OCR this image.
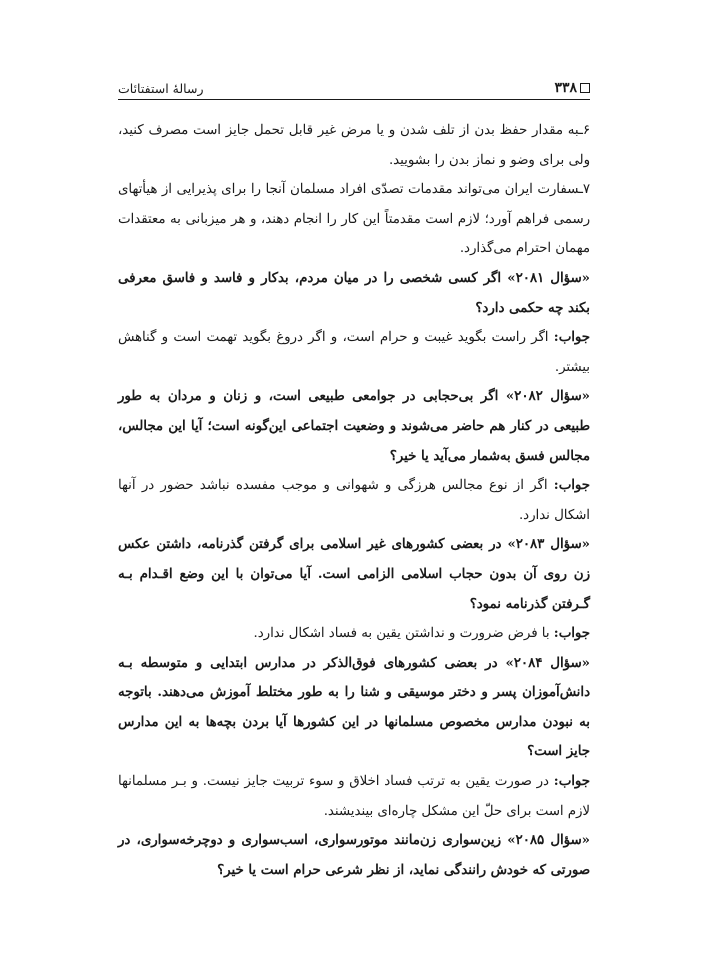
۳۳۸
رسالهٔ استفتائات

۶ـبه مقدار حفظ بدن از تلف شدن و یا مرض غیر قابل تحمل جایز است مصرف کنید، ولی برای وضو و نماز بدن را بشویید.

۷ـسفارت ایران می‌تواند مقدمات تصدّی افراد مسلمان آنجا را برای پذیرایی از هیأتهای رسمی فراهم آورد؛ لازم است مقدمتاً این کار را انجام دهند، و هر میزبانی به معتقدات مهمان احترام می‌گذارد.

«سؤال ۲۰۸۱» اگر کسی شخصی را در میان مردم، بدکار و فاسد و فاسق معرفی بکند چه حکمی دارد؟

جواب: اگر راست بگوید غیبت و حرام است، و اگر دروغ بگوید تهمت است و گناهش بیشتر.

«سؤال ۲۰۸۲» اگر بی‌حجابی در جوامعی طبیعی است، و زنان و مردان به طور طبیعی در کنار هم حاضر می‌شوند و وضعیت اجتماعی این‌گونه است؛ آیا این مجالس، مجالس فسق به‌شمار می‌آید یا خیر؟

جواب: اگر از نوع مجالس هرزگی و شهوانی و موجب مفسده نباشد حضور در آنها اشکال ندارد.

«سؤال ۲۰۸۳» در بعضی کشورهای غیر اسلامی برای گرفتن گذرنامه، داشتن عکس زن روی آن بدون حجاب اسلامی الزامی است. آیا می‌توان با این وضع اقـدام بـه گـرفتن گذرنامه نمود؟

جواب: با فرض ضرورت و نداشتن یقین به فساد اشکال ندارد.

«سؤال ۲۰۸۴» در بعضی کشورهای فوق‌الذکر در مدارس ابتدایی و متوسطه بـه دانش‌آموزان پسر و دختر موسیقی و شنا را به طور مختلط آموزش می‌دهند. باتوجه به نبودن مدارس مخصوص مسلمانها در این کشورها آیا بردن بچه‌ها به این مدارس جایز است؟

جواب: در صورت یقین به ترتب فساد اخلاق و سوء تربیت جایز نیست. و بـر مسلمانها لازم است برای حلّ این مشکل چاره‌ای بیندیشند.

«سؤال ۲۰۸۵» زین‌سواری زن‌مانند موتورسواری، اسب‌سواری و دوچرخه‌سواری، در صورتی که خودش رانندگی نماید، از نظر شرعی حرام است یا خیر؟
